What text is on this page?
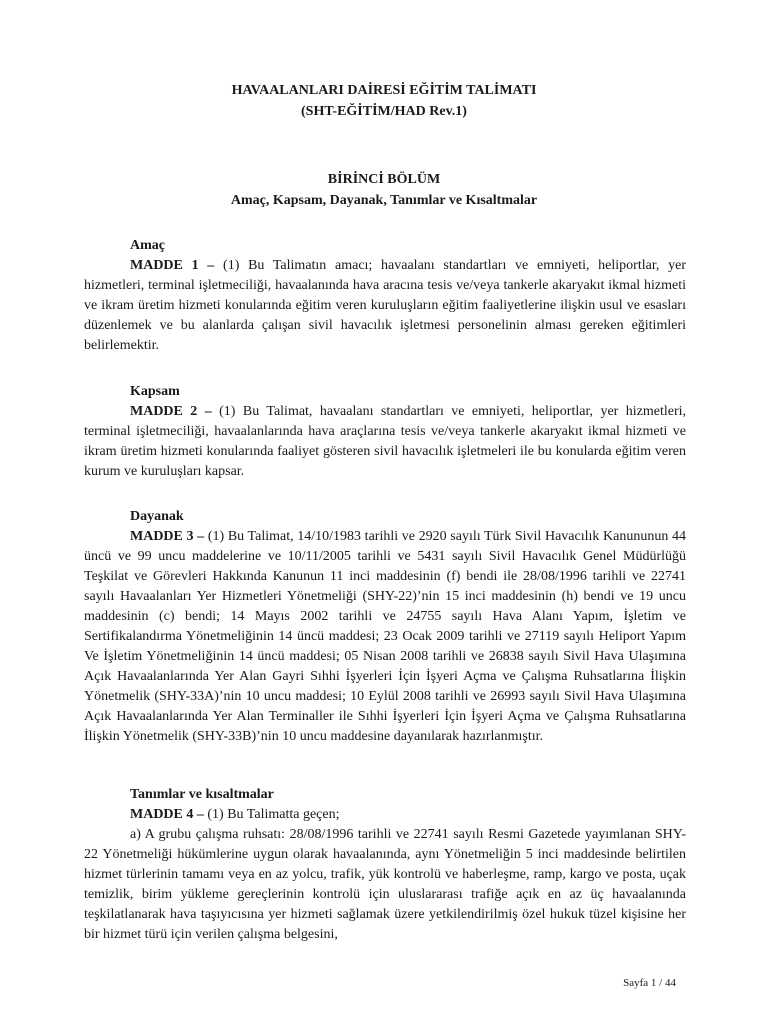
HAVAALANLARI DAİRESİ EĞİTİM TALİMATI
(SHT-EĞİTİM/HAD Rev.1)
BİRİNCİ BÖLÜM
Amaç, Kapsam, Dayanak, Tanımlar ve Kısaltmalar
Amaç

MADDE 1 – (1) Bu Talimatın amacı; havaalanı standartları ve emniyeti, heliportlar, yer hizmetleri, terminal işletmeciliği, havaalanında hava aracına tesis ve/veya tankerle akaryakıt ikmal hizmeti ve ikram üretim hizmeti konularında eğitim veren kuruluşların eğitim faaliyetlerine ilişkin usul ve esasları düzenlemek ve bu alanlarda çalışan sivil havacılık işletmesi personelinin alması gereken eğitimleri belirlemektir.

Kapsam

MADDE 2 – (1) Bu Talimat, havaalanı standartları ve emniyeti, heliportlar, yer hizmetleri, terminal işletmeciliği, havaalanlarında hava araçlarına tesis ve/veya tankerle akaryakıt ikmal hizmeti ve ikram üretim hizmeti konularında faaliyet gösteren sivil havacılık işletmeleri ile bu konularda eğitim veren kurum ve kuruluşları kapsar.

Dayanak

MADDE 3 – (1) Bu Talimat, 14/10/1983 tarihli ve 2920 sayılı Türk Sivil Havacılık Kanununun 44 üncü ve 99 uncu maddelerine ve 10/11/2005 tarihli ve 5431 sayılı Sivil Havacılık Genel Müdürlüğü Teşkilat ve Görevleri Hakkında Kanunun 11 inci maddesinin (f) bendi ile 28/08/1996 tarihli ve 22741 sayılı Havaalanları Yer Hizmetleri Yönetmeliği (SHY-22)’nin 15 inci maddesinin (h) bendi ve 19 uncu maddesinin (c) bendi; 14 Mayıs 2002 tarihli ve 24755 sayılı Hava Alanı Yapım, İşletim ve Sertifikalandırma Yönetmeliğinin 14 üncü maddesi; 23 Ocak 2009 tarihli ve 27119 sayılı Heliport Yapım Ve İşletim Yönetmeliğinin 14 üncü maddesi; 05 Nisan 2008 tarihli ve 26838 sayılı Sivil Hava Ulaşımına Açık Havaalanlarında Yer Alan Gayri Sıhhi İşyerleri İçin İşyeri Açma ve Çalışma Ruhsatlarına İlişkin Yönetmelik (SHY-33A)’nin 10 uncu maddesi; 10 Eylül 2008 tarihli ve 26993 sayılı Sivil Hava Ulaşımına Açık Havaalanlarında Yer Alan Terminaller ile Sıhhi İşyerleri İçin İşyeri Açma ve Çalışma Ruhsatlarına İlişkin Yönetmelik (SHY-33B)’nin 10 uncu maddesine dayanılarak hazırlanmıştır.

Tanımlar ve kısaltmalar

MADDE 4 – (1) Bu Talimatta geçen;

a) A grubu çalışma ruhsatı: 28/08/1996 tarihli ve 22741 sayılı Resmi Gazetede yayımlanan SHY-22 Yönetmeliği hükümlerine uygun olarak havaalanında, aynı Yönetmeliğin 5 inci maddesinde belirtilen hizmet türlerinin tamamı veya en az yolcu, trafik, yük kontrolü ve haberleşme, ramp, kargo ve posta, uçak temizlik, birim yükleme gereçlerinin kontrolü için uluslararası trafiğe açık en az üç havaalanında teşkilatlanarak hava taşıyıcısına yer hizmeti sağlamak üzere yetkilendirilmiş özel hukuk tüzel kişisine her bir hizmet türü için verilen çalışma belgesini,

Sayfa 1 / 44
